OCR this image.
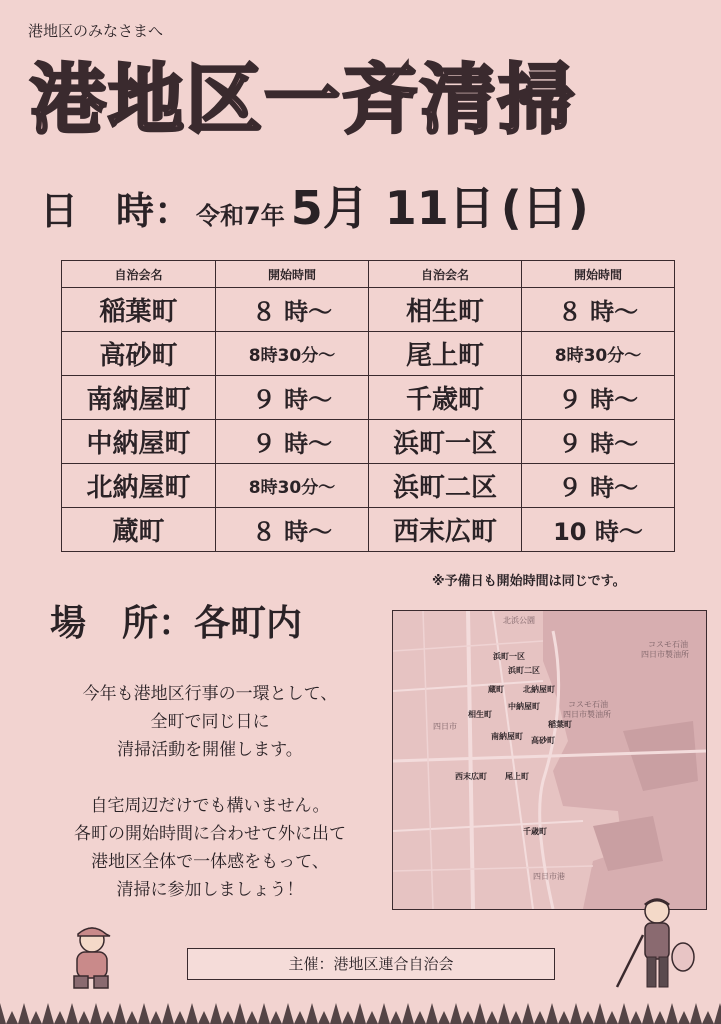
港地区のみなさまへ
港地区一斉清掃
日　時： 令和7年 5月 11日 (日)
自治会名	開始時間	自治会名	開始時間
稲葉町	８ 時～	相生町	８ 時～
高砂町	8時30分～	尾上町	8時30分～
南納屋町	９ 時～	千歳町	９ 時～
中納屋町	９ 時～	浜町一区	９ 時～
北納屋町	8時30分～	浜町二区	９ 時～
蔵町	８ 時～	西末広町	10 時～
※予備日も開始時間は同じです。
場　所：各町内
今年も港地区行事の一環として、
全町で同じ日に
清掃活動を開催します。
自宅周辺だけでも構いません。
各町の開始時間に合わせて外に出て
港地区全体で一体感をもって、
清掃に参加しましょう！
北浜公園
コスモ石油
四日市製油所
浜町一区
浜町二区
蔵町 北納屋町
中納屋町	コスモ石油
四日市製油所
相生町
稲葉町
南納屋町 高砂町
四日市
西末広町 尾上町
千歳町
四日市港
主催：港地区連合自治会
